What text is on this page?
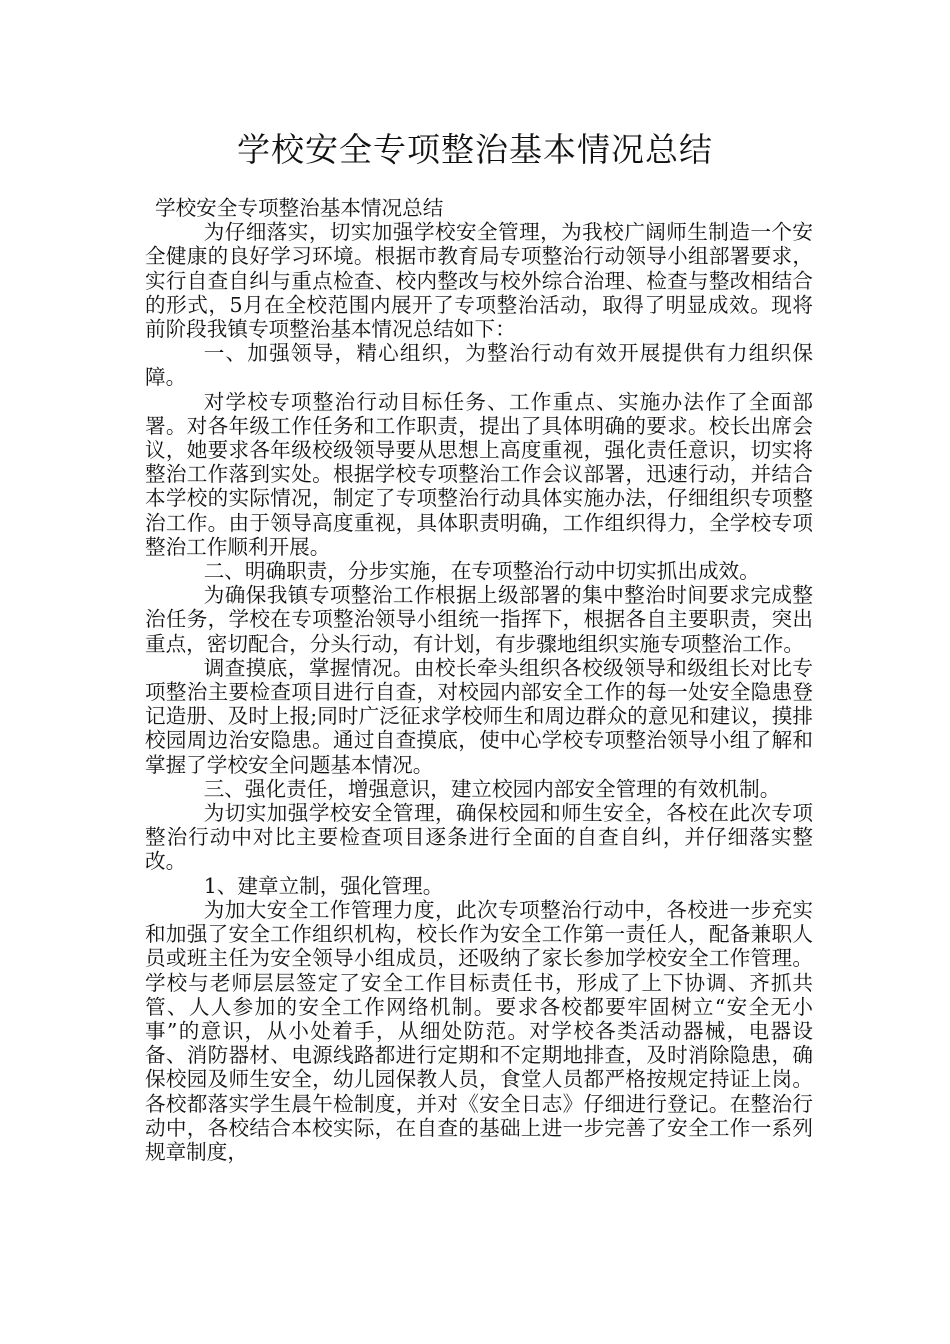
学校安全专项整治基本情况总结

学校安全专项整治基本情况总结

为仔细落实，切实加强学校安全管理，为我校广阔师生制造一个安全健康的良好学习环境。根据市教育局专项整治行动领导小组部署要求，实行自查自纠与重点检查、校内整改与校外综合治理、检查与整改相结合的形式，5月在全校范围内展开了专项整治活动，取得了明显成效。现将前阶段我镇专项整治基本情况总结如下：

一、加强领导，精心组织，为整治行动有效开展提供有力组织保障。

对学校专项整治行动目标任务、工作重点、实施办法作了全面部署。对各年级工作任务和工作职责，提出了具体明确的要求。校长出席会议，她要求各年级校级领导要从思想上高度重视，强化责任意识，切实将整治工作落到实处。根据学校专项整治工作会议部署，迅速行动，并结合本学校的实际情况，制定了专项整治行动具体实施办法，仔细组织专项整治工作。由于领导高度重视，具体职责明确，工作组织得力，全学校专项整治工作顺利开展。

二、明确职责，分步实施，在专项整治行动中切实抓出成效。

为确保我镇专项整治工作根据上级部署的集中整治时间要求完成整治任务，学校在专项整治领导小组统一指挥下，根据各自主要职责，突出重点，密切配合，分头行动，有计划，有步骤地组织实施专项整治工作。

调查摸底，掌握情况。由校长牵头组织各校级领导和级组长对比专项整治主要检查项目进行自查，对校园内部安全工作的每一处安全隐患登记造册、及时上报;同时广泛征求学校师生和周边群众的意见和建议，摸排校园周边治安隐患。通过自查摸底，使中心学校专项整治领导小组了解和掌握了学校安全问题基本情况。

三、强化责任，增强意识，建立校园内部安全管理的有效机制。

为切实加强学校安全管理，确保校园和师生安全，各校在此次专项整治行动中对比主要检查项目逐条进行全面的自查自纠，并仔细落实整改。

1、建章立制，强化管理。

为加大安全工作管理力度，此次专项整治行动中，各校进一步充实和加强了安全工作组织机构，校长作为安全工作第一责任人，配备兼职人员或班主任为安全领导小组成员，还吸纳了家长参加学校安全工作管理。学校与老师层层签定了安全工作目标责任书，形成了上下协调、齐抓共管、人人参加的安全工作网络机制。要求各校都要牢固树立“安全无小事”的意识，从小处着手，从细处防范。对学校各类活动器械，电器设备、消防器材、电源线路都进行定期和不定期地排查，及时消除隐患，确保校园及师生安全，幼儿园保教人员，食堂人员都严格按规定持证上岗。各校都落实学生晨午检制度，并对《安全日志》仔细进行登记。在整治行动中，各校结合本校实际，在自查的基础上进一步完善了安全工作一系列规章制度，
